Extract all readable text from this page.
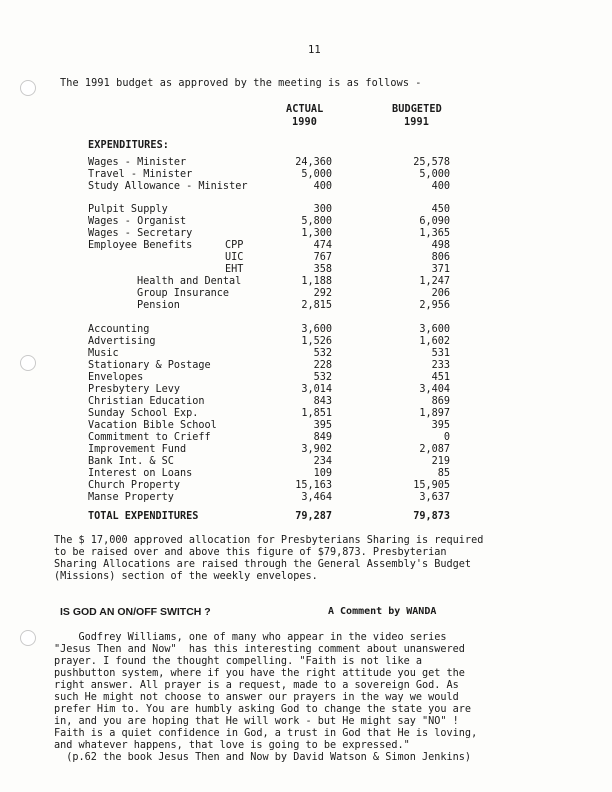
11
The 1991 budget as approved by the meeting is as follows -
ACTUAL
1990
BUDGETED
1991
EXPENDITURES:
Wages - Minister	24,360	25,578
Travel - Minister	5,000	5,000
Study Allowance - Minister	400	400
Pulpit Supply	300	450
Wages - Organist	5,800	6,090
Wages - Secretary	1,300	1,365
Employee Benefits	CPP	474	498
UIC	767	806
EHT	358	371
Health and Dental	1,188	1,247
Group Insurance	292	206
Pension	2,815	2,956
Accounting	3,600	3,600
Advertising	1,526	1,602
Music	532	531
Stationary & Postage	228	233
Envelopes	532	451
Presbytery Levy	3,014	3,404
Christian Education	843	869
Sunday School Exp.	1,851	1,897
Vacation Bible School	395	395
Commitment to Crieff	849	0
Improvement Fund	3,902	2,087
Bank Int. & SC	234	219
Interest on Loans	109	85
Church Property	15,163	15,905
Manse Property	3,464	3,637
TOTAL EXPENDITURES	79,287	79,873
The $ 17,000 approved allocation for Presbyterians Sharing is required
to be raised over and above this figure of $79,873. Presbyterian
Sharing Allocations are raised through the General Assembly's Budget
(Missions) section of the weekly envelopes.
IS GOD AN ON/OFF SWITCH ?	A Comment by WANDA
Godfrey Williams, one of many who appear in the video series
"Jesus Then and Now"  has this interesting comment about unanswered
prayer. I found the thought compelling. "Faith is not like a
pushbutton system, where if you have the right attitude you get the
right answer. All prayer is a request, made to a sovereign God. As
such He might not choose to answer our prayers in the way we would
prefer Him to. You are humbly asking God to change the state you are
in, and you are hoping that He will work - but He might say "NO" !
Faith is a quiet confidence in God, a trust in God that He is loving,
and whatever happens, that love is going to be expressed."
(p.62 the book Jesus Then and Now by David Watson & Simon Jenkins)
